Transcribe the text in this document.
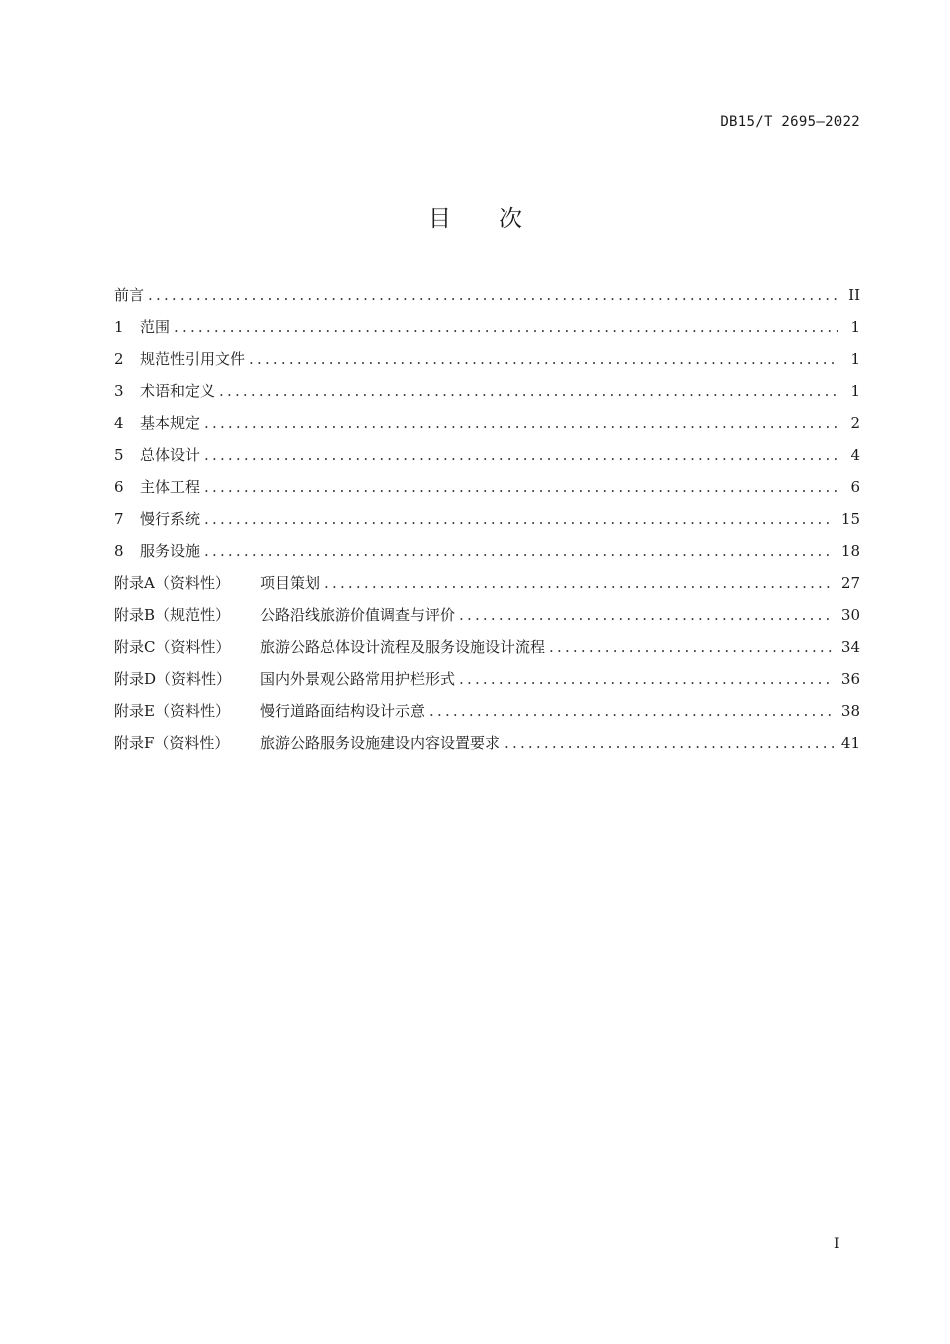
DB15/T 2695—2022
目 次
前言 .....	II
1 范围 .....	1
2 规范性引用文件 .....	1
3 术语和定义 .....	1
4 基本规定 .....	2
5 总体设计 .....	4
6 主体工程 .....	6
7 慢行系统 .....	15
8 服务设施 .....	18
附录A（资料性） 项目策划 .....	27
附录B（规范性） 公路沿线旅游价值调查与评价 .....	30
附录C（资料性） 旅游公路总体设计流程及服务设施设计流程 .....	34
附录D（资料性） 国内外景观公路常用护栏形式 .....	36
附录E（资料性） 慢行道路面结构设计示意 .....	38
附录F（资料性） 旅游公路服务设施建设内容设置要求 .....	41
I
